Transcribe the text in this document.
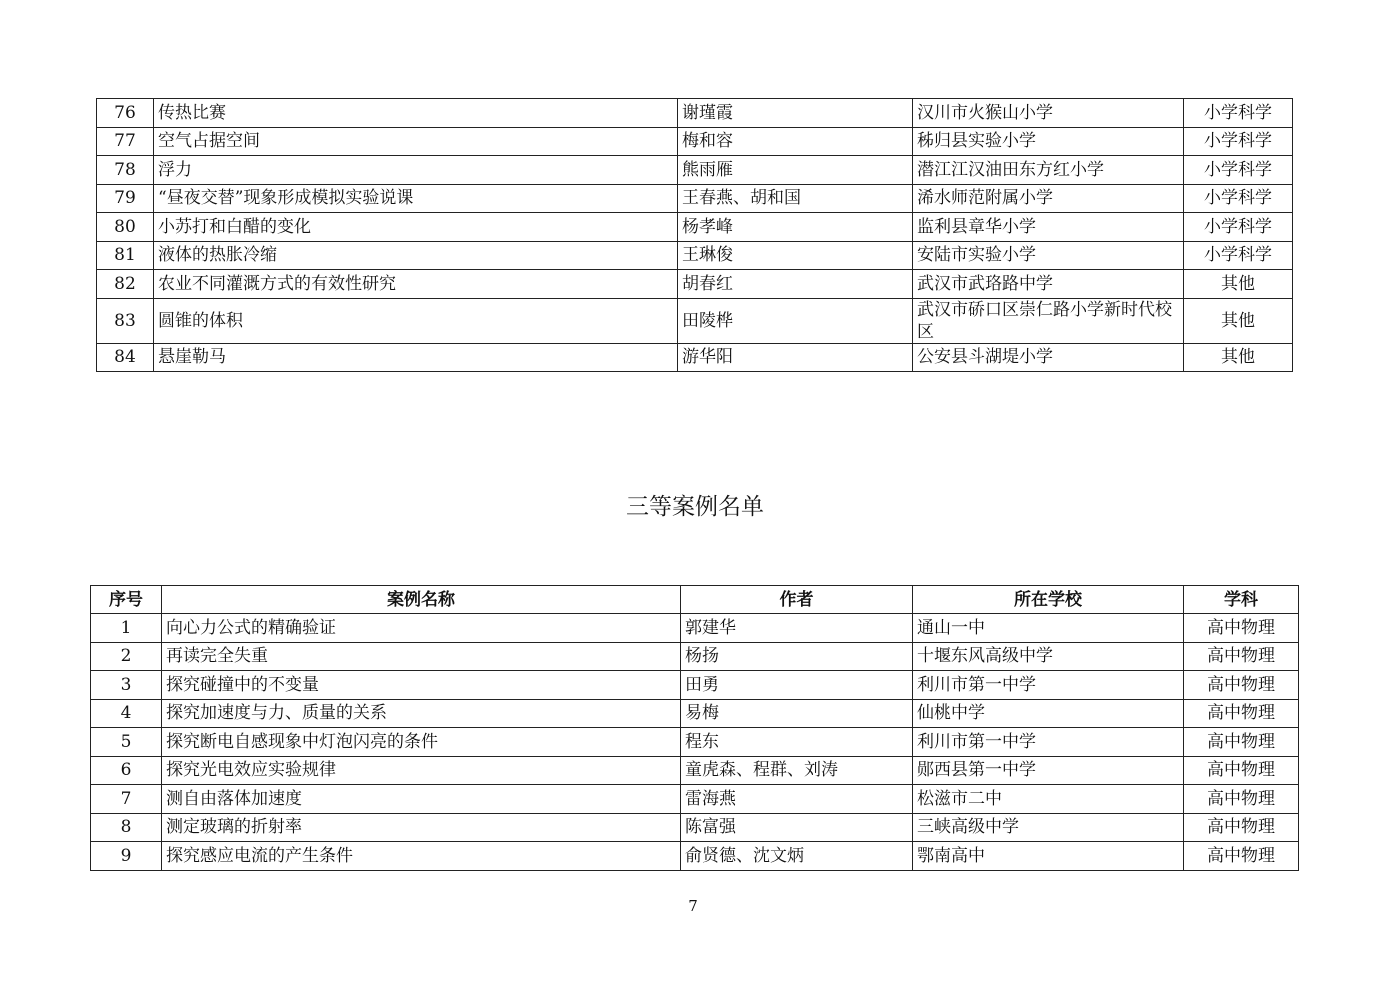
76	传热比赛	谢瑾霞	汉川市火猴山小学	小学科学
77	空气占据空间	梅和容	秭归县实验小学	小学科学
78	浮力	熊雨雁	潜江江汉油田东方红小学	小学科学
79	“昼夜交替”现象形成模拟实验说课	王春燕、胡和国	浠水师范附属小学	小学科学
80	小苏打和白醋的变化	杨孝峰	监利县章华小学	小学科学
81	液体的热胀冷缩	王琳俊	安陆市实验小学	小学科学
82	农业不同灌溉方式的有效性研究	胡春红	武汉市武珞路中学	其他
83	圆锥的体积	田陵桦	武汉市硚口区崇仁路小学新时代校区	其他
84	悬崖勒马	游华阳	公安县斗湖堤小学	其他
三等案例名单
序号	案例名称	作者	所在学校	学科
1	向心力公式的精确验证	郭建华	通山一中	高中物理
2	再读完全失重	杨扬	十堰东风高级中学	高中物理
3	探究碰撞中的不变量	田勇	利川市第一中学	高中物理
4	探究加速度与力、质量的关系	易梅	仙桃中学	高中物理
5	探究断电自感现象中灯泡闪亮的条件	程东	利川市第一中学	高中物理
6	探究光电效应实验规律	童虎森、程群、刘涛	郧西县第一中学	高中物理
7	测自由落体加速度	雷海燕	松滋市二中	高中物理
8	测定玻璃的折射率	陈富强	三峡高级中学	高中物理
9	探究感应电流的产生条件	俞贤德、沈文炳	鄂南高中	高中物理
7
